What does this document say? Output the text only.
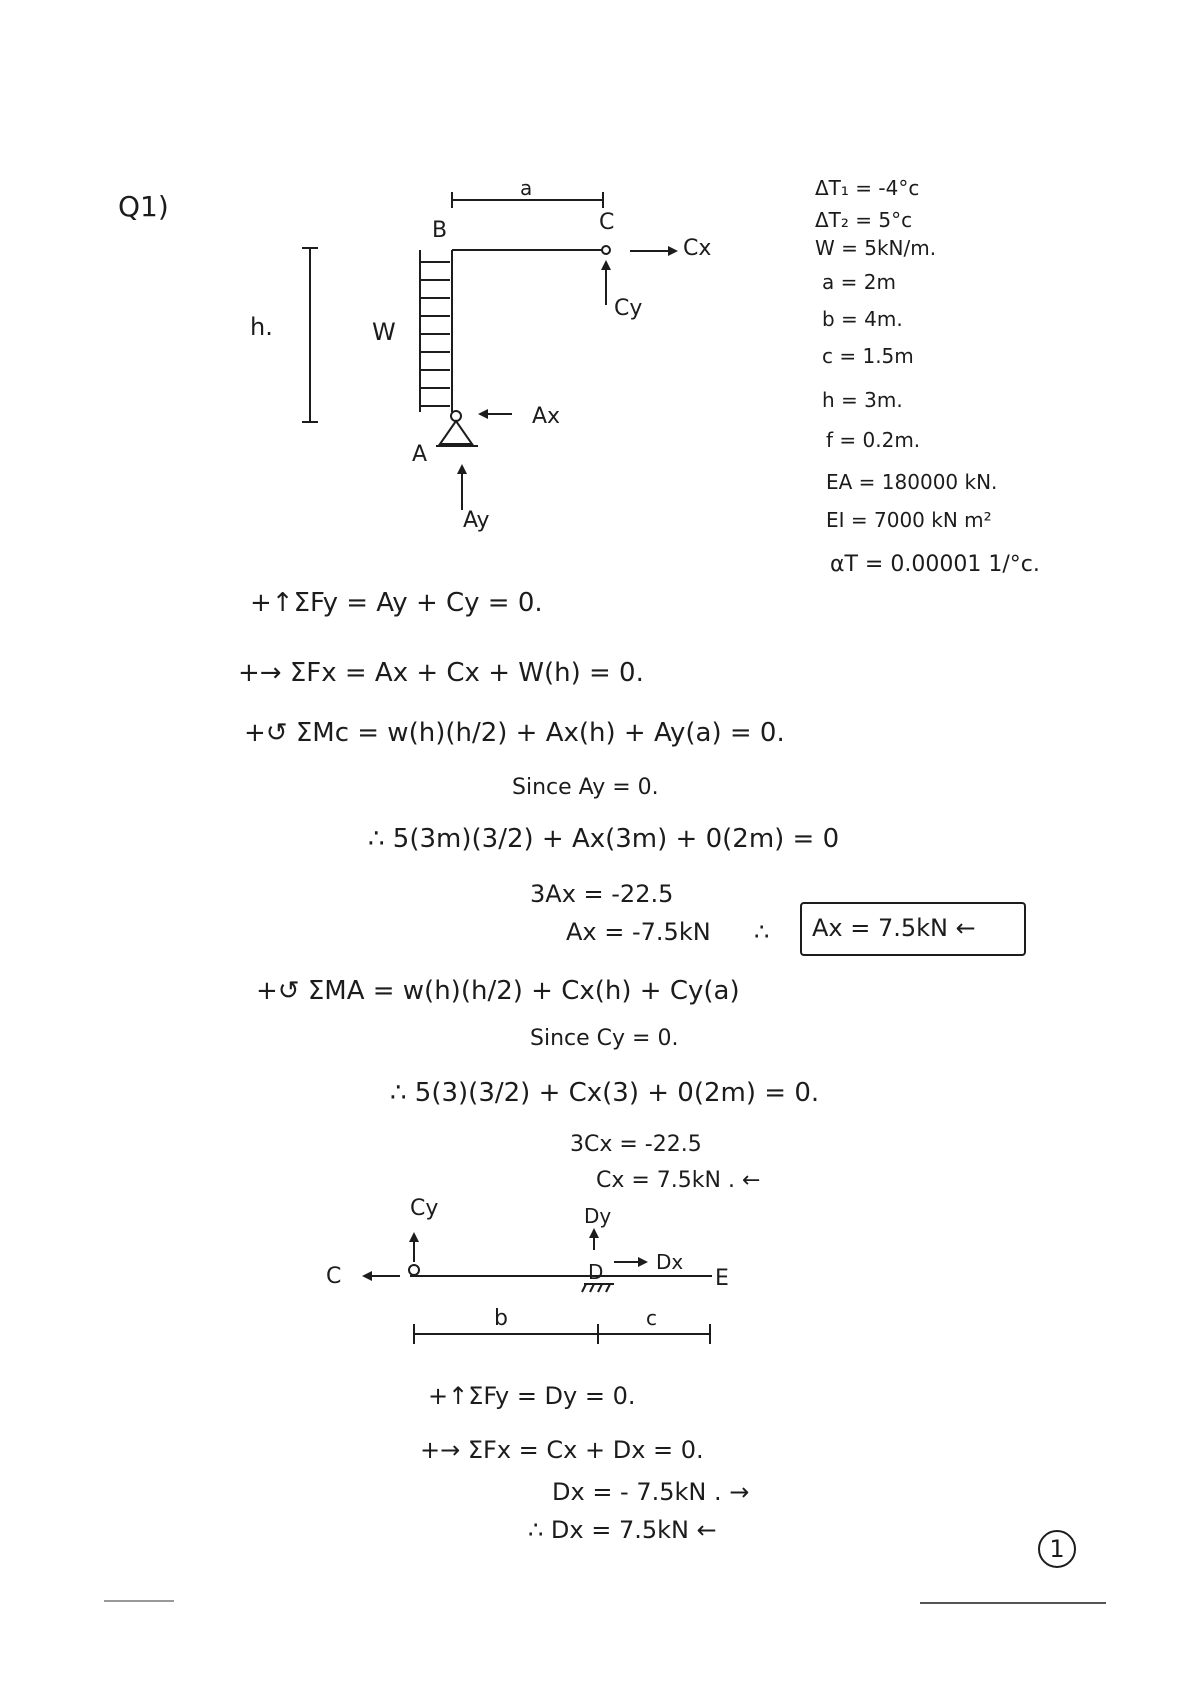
Q1)
a
B	C
Cx
Cy
h.	W
Ax
A
Ay
ΔT₁ = -4°c
ΔT₂ = 5°c
W = 5kN/m.
a = 2m
b = 4m.
c = 1.5m
h = 3m.
f = 0.2m.
EA = 180000 kN.
EI = 7000 kN m²
αT = 0.00001 1/°c.
+↑ΣFy = Ay + Cy = 0.
+→ ΣFx = Ax + Cx + W(h) = 0.
+↺ ΣMc = w(h)(h/2) + Ax(h) + Ay(a) = 0.
Since Ay = 0.
∴ 5(3m)(3/2) + Ax(3m) + 0(2m) = 0
3Ax = -22.5
Ax = -7.5kN ∴ Ax = 7.5kN ←
+↺ ΣMA = w(h)(h/2) + Cx(h) + Cy(a)
Since Cy = 0.
∴ 5(3)(3/2) + Cx(3) + 0(2m) = 0.
3Cx = -22.5
Cx = 7.5kN . ←
Cy	Dy
Dx
D
C	E
b	c
+↑ΣFy = Dy = 0.
+→ ΣFx = Cx + Dx = 0.
Dx = - 7.5kN . →
∴ Dx = 7.5kN ←
1
